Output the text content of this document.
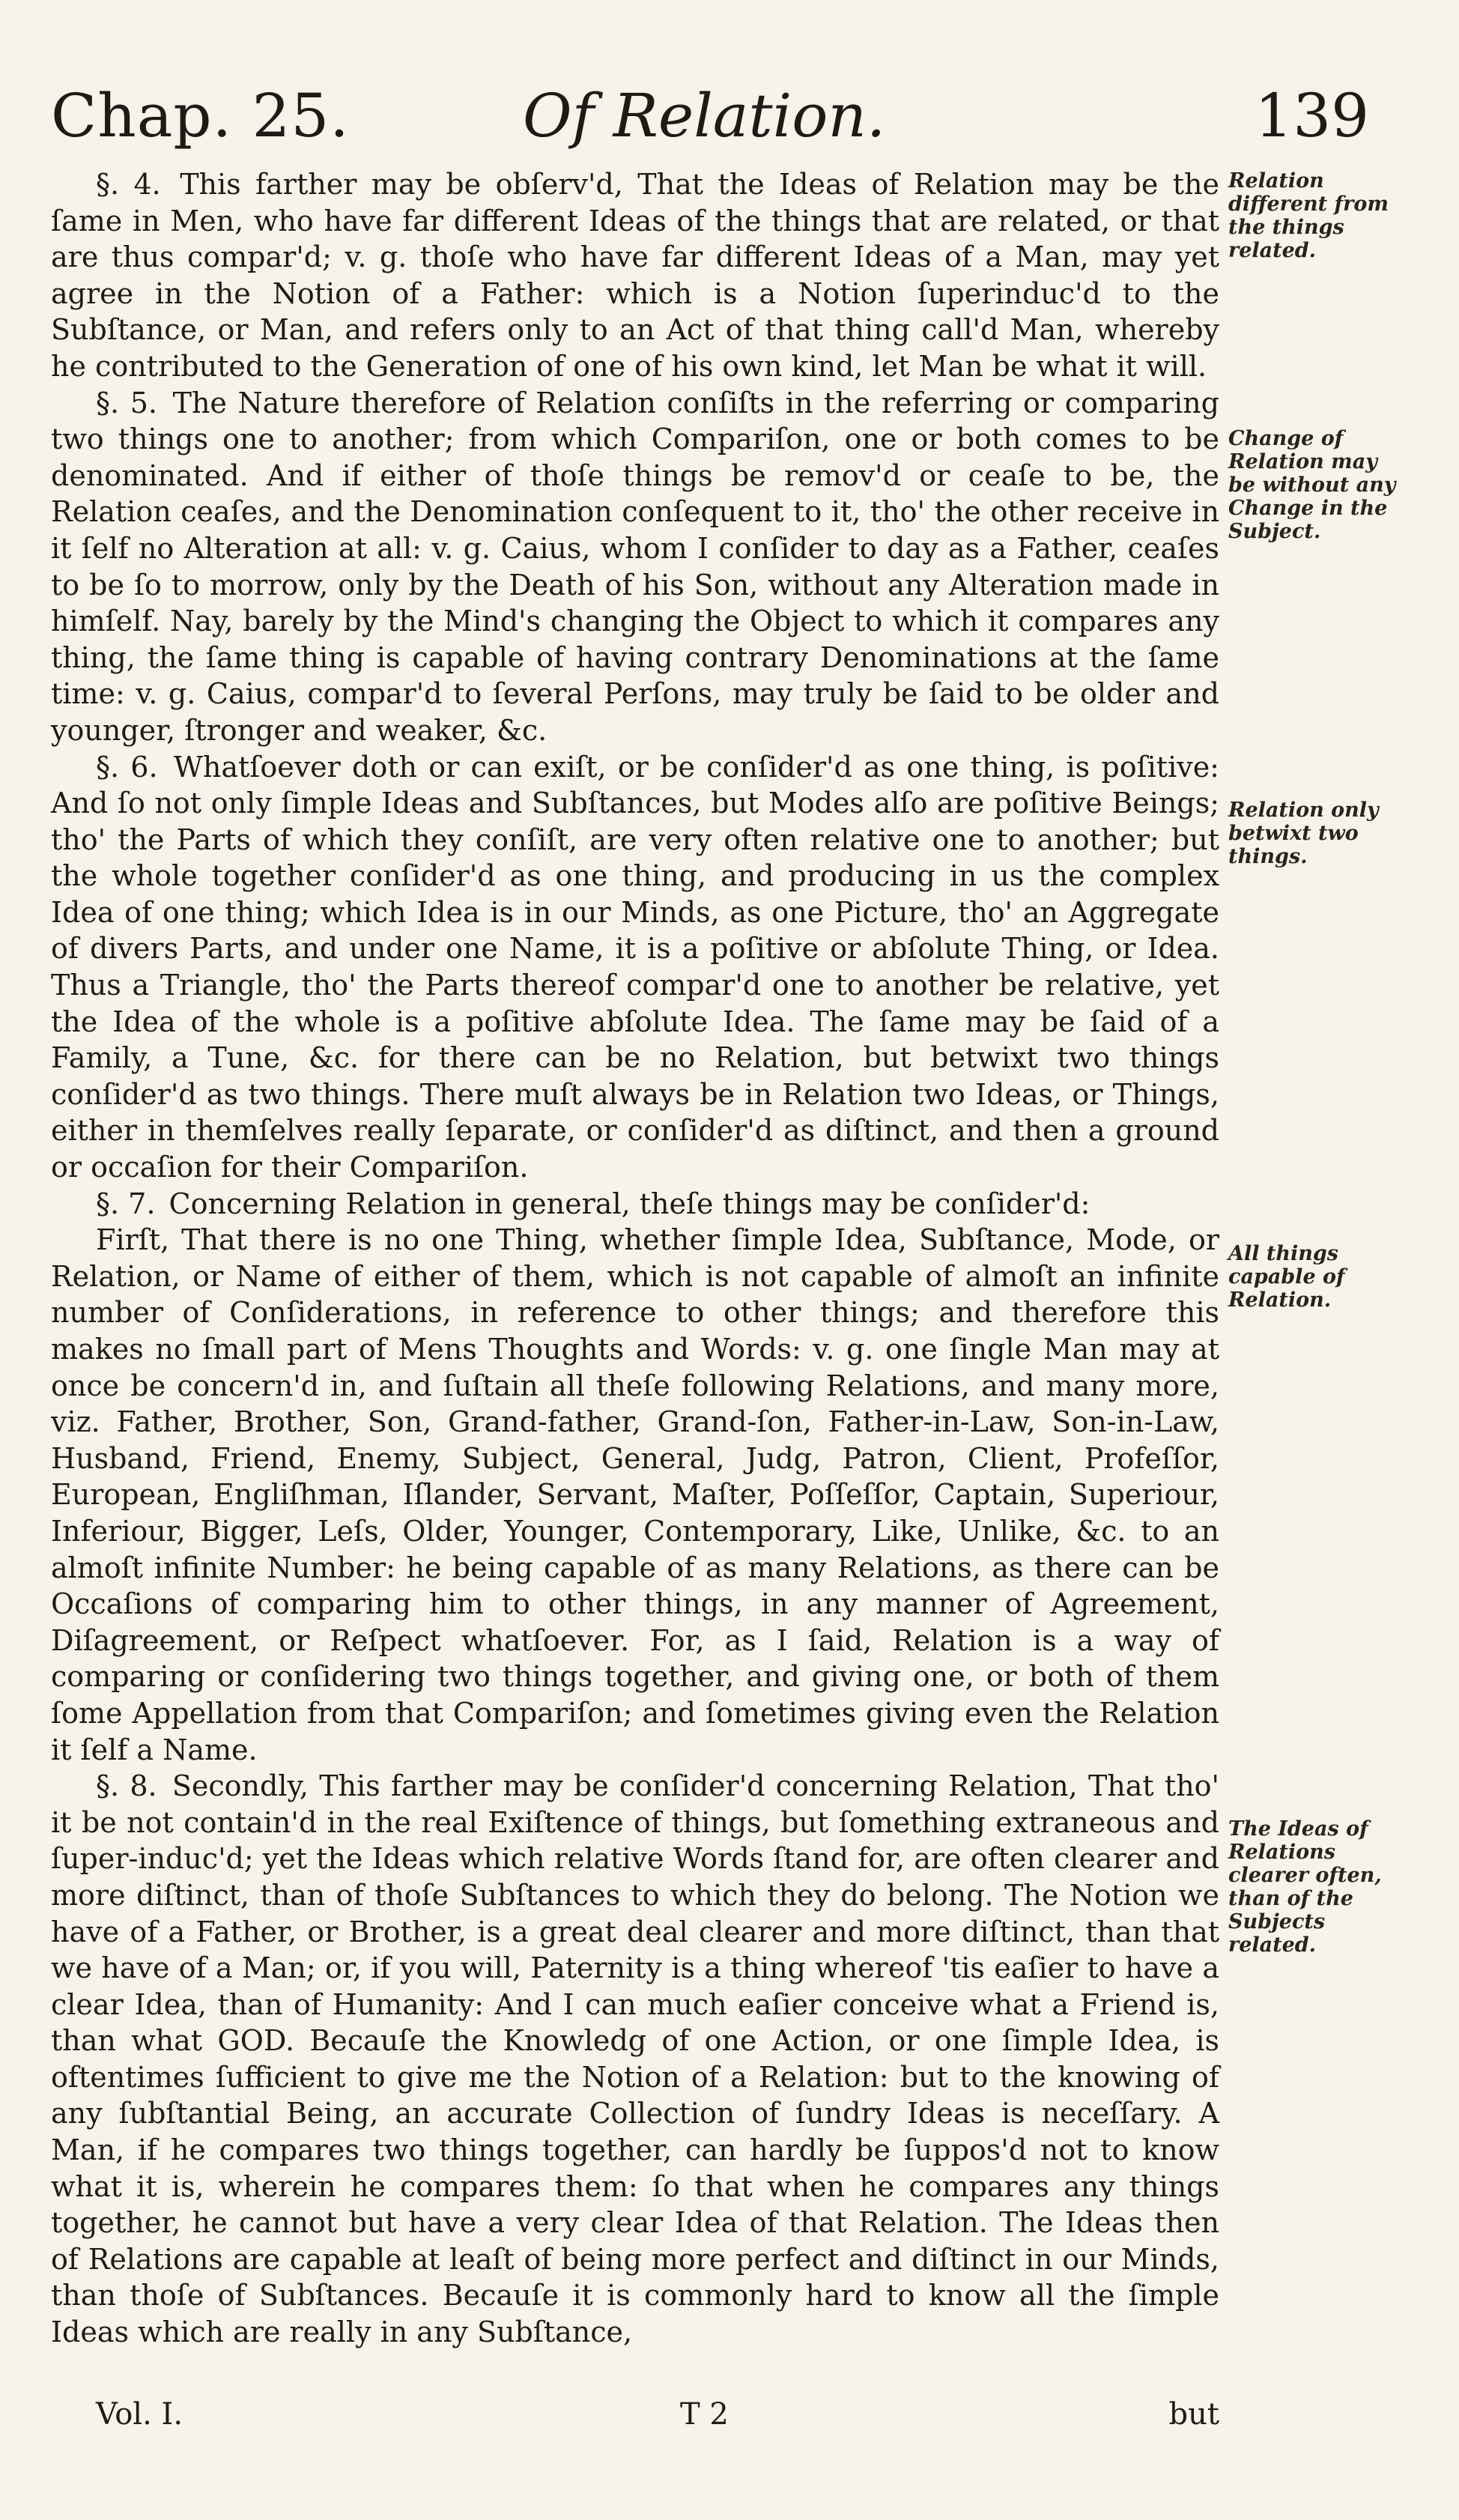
Chap. 25.	Of Relation.	139

§. 4. This farther may be obſerv'd, That the Ideas of Relation may be the ſame in Men, who have far different Ideas of the things that are related, or that are thus compar'd; v. g. thoſe who have far different Ideas of a Man, may yet agree in the Notion of a Father: which is a Notion ſuperinduc'd to the Subſtance, or Man, and refers only to an Act of that thing call'd Man, whereby he contributed to the Generation of one of his own kind, let Man be what it will.

§. 5. The Nature therefore of Relation conſiſts in the referring or comparing two things one to another; from which Compariſon, one or both comes to be denominated. And if either of thoſe things be remov'd or ceaſe to be, the Relation ceaſes, and the Denomination conſequent to it, tho' the other receive in it ſelf no Alteration at all: v. g. Caius, whom I conſider to day as a Father, ceaſes to be ſo to morrow, only by the Death of his Son, without any Alteration made in himſelf. Nay, barely by the Mind's changing the Object to which it compares any thing, the ſame thing is capable of having contrary Denominations at the ſame time: v. g. Caius, compar'd to ſeveral Perſons, may truly be ſaid to be older and younger, ſtronger and weaker, &c.

§. 6. Whatſoever doth or can exiſt, or be conſider'd as one thing, is poſitive: And ſo not only ſimple Ideas and Subſtances, but Modes alſo are poſitive Beings; tho' the Parts of which they conſiſt, are very often relative one to another; but the whole together conſider'd as one thing, and producing in us the complex Idea of one thing; which Idea is in our Minds, as one Picture, tho' an Aggregate of divers Parts, and under one Name, it is a poſitive or abſolute Thing, or Idea. Thus a Triangle, tho' the Parts thereof compar'd one to another be relative, yet the Idea of the whole is a poſitive abſolute Idea. The ſame may be ſaid of a Family, a Tune, &c. for there can be no Relation, but betwixt two things conſider'd as two things. There muſt always be in Relation two Ideas, or Things, either in themſelves really ſeparate, or conſider'd as diſtinct, and then a ground or occaſion for their Compariſon.

§. 7. Concerning Relation in general, theſe things may be conſider'd:

Firſt, That there is no one Thing, whether ſimple Idea, Subſtance, Mode, or Relation, or Name of either of them, which is not capable of almoſt an infinite number of Conſiderations, in reference to other things; and therefore this makes no ſmall part of Mens Thoughts and Words: v. g. one ſingle Man may at once be concern'd in, and ſuſtain all theſe following Relations, and many more, viz. Father, Brother, Son, Grand-father, Grand-ſon, Father-in-Law, Son-in-Law, Husband, Friend, Enemy, Subject, General, Judg, Patron, Client, Profeſſor, European, Engliſhman, Iſlander, Servant, Maſter, Poſſeſſor, Captain, Superiour, Inferiour, Bigger, Leſs, Older, Younger, Contemporary, Like, Unlike, &c. to an almoſt infinite Number: he being capable of as many Relations, as there can be Occaſions of comparing him to other things, in any manner of Agreement, Diſagreement, or Reſpect whatſoever. For, as I ſaid, Relation is a way of comparing or conſidering two things together, and giving one, or both of them ſome Appellation from that Compariſon; and ſometimes giving even the Relation it ſelf a Name.

§. 8. Secondly, This farther may be conſider'd concerning Relation, That tho' it be not contain'd in the real Exiſtence of things, but ſomething extraneous and ſuper-induc'd; yet the Ideas which relative Words ſtand for, are often clearer and more diſtinct, than of thoſe Subſtances to which they do belong. The Notion we have of a Father, or Brother, is a great deal clearer and more diſtinct, than that we have of a Man; or, if you will, Paternity is a thing whereof 'tis eaſier to have a clear Idea, than of Humanity: And I can much eaſier conceive what a Friend is, than what GOD. Becauſe the Knowledg of one Action, or one ſimple Idea, is oftentimes ſufficient to give me the Notion of a Relation: but to the knowing of any ſubſtantial Being, an accurate Collection of ſundry Ideas is neceſſary. A Man, if he compares two things together, can hardly be ſuppos'd not to know what it is, wherein he compares them: ſo that when he compares any things together, he cannot but have a very clear Idea of that Relation. The Ideas then of Relations are capable at leaſt of being more perfect and diſtinct in our Minds, than thoſe of Subſtances. Becauſe it is commonly hard to know all the ſimple Ideas which are really in any Subſtance,

Relation different from the things related.
Change of Relation may be without any Change in the Subject.
Relation only betwixt two things.
All things capable of Relation.
The Ideas of Relations clearer often, than of the Subjects related.
Vol. I.	T 2	but
